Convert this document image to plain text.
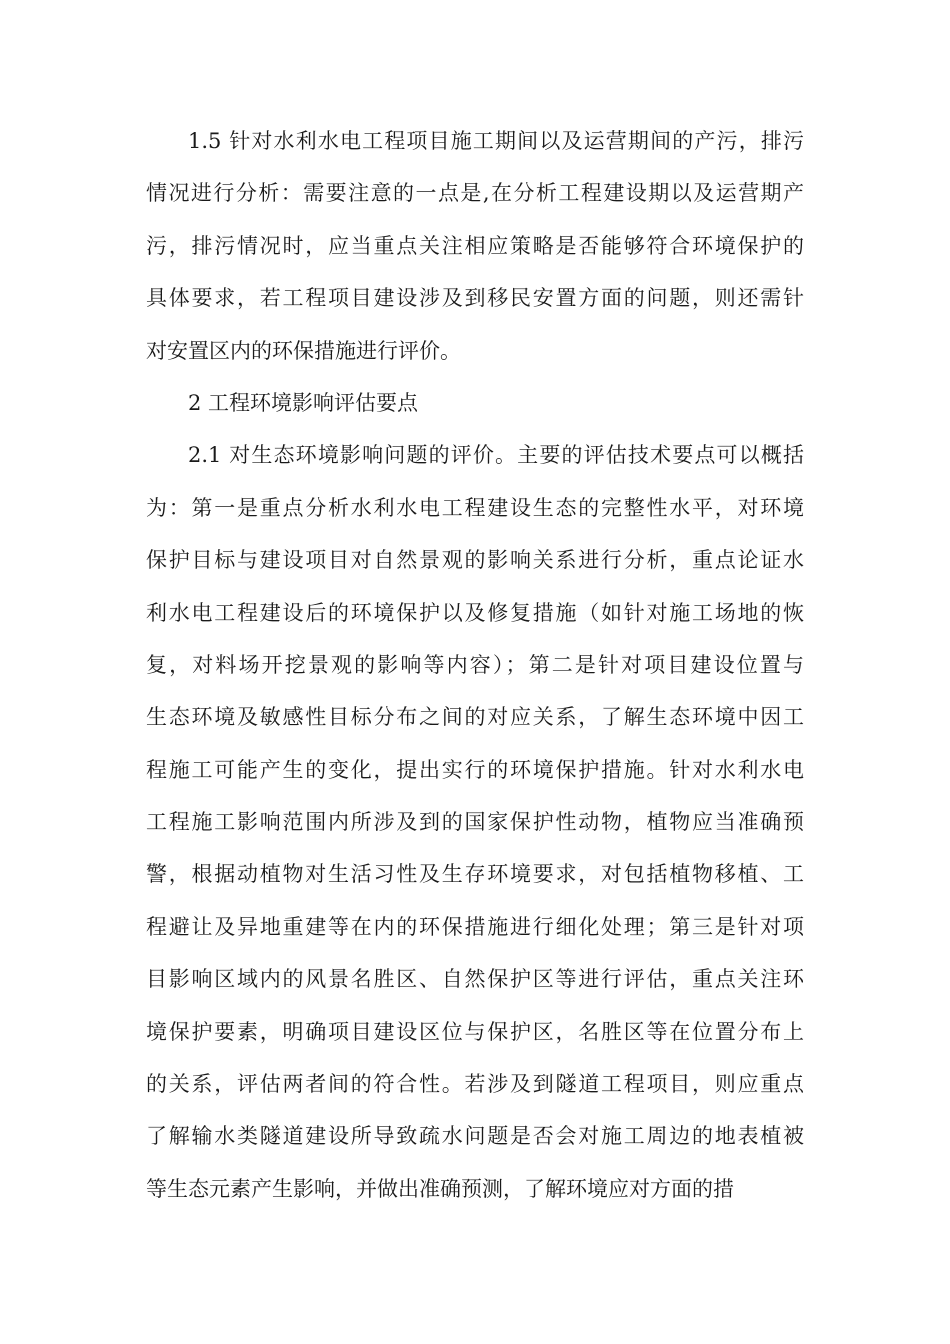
1.5 针对水利水电工程项目施工期间以及运营期间的产污，排污
情况进行分析：需要注意的一点是,在分析工程建设期以及运营期产
污，排污情况时，应当重点关注相应策略是否能够符合环境保护的
具体要求，若工程项目建设涉及到移民安置方面的问题，则还需针
对安置区内的环保措施进行评价。
2 工程环境影响评估要点
2.1 对生态环境影响问题的评价。主要的评估技术要点可以概括
为：第一是重点分析水利水电工程建设生态的完整性水平，对环境
保护目标与建设项目对自然景观的影响关系进行分析，重点论证水
利水电工程建设后的环境保护以及修复措施（如针对施工场地的恢
复，对料场开挖景观的影响等内容）；第二是针对项目建设位置与
生态环境及敏感性目标分布之间的对应关系，了解生态环境中因工
程施工可能产生的变化，提出实行的环境保护措施。针对水利水电
工程施工影响范围内所涉及到的国家保护性动物，植物应当准确预
警，根据动植物对生活习性及生存环境要求，对包括植物移植、工
程避让及异地重建等在内的环保措施进行细化处理；第三是针对项
目影响区域内的风景名胜区、自然保护区等进行评估，重点关注环
境保护要素，明确项目建设区位与保护区，名胜区等在位置分布上
的关系，评估两者间的符合性。若涉及到隧道工程项目，则应重点
了解输水类隧道建设所导致疏水问题是否会对施工周边的地表植被
等生态元素产生影响，并做出准确预测，了解环境应对方面的措
